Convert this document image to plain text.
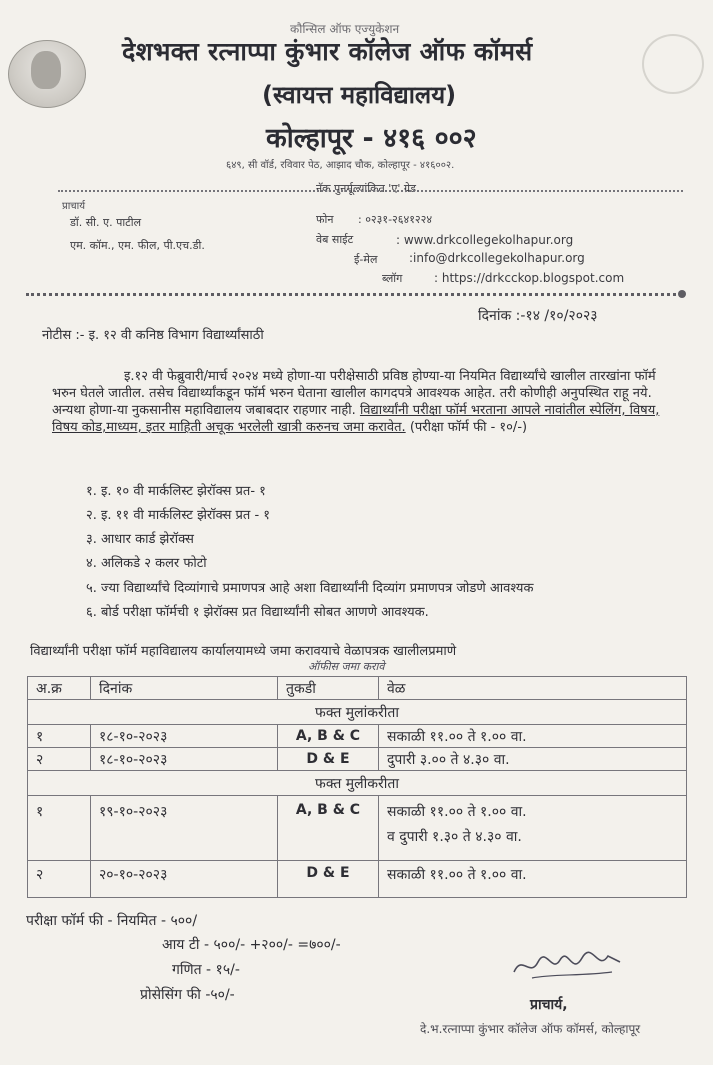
कौन्सिल ऑफ एज्युकेशन
देशभक्त रत्नाप्पा कुंभार कॉलेज ऑफ कॉमर्स
(स्वायत्त महाविद्यालय)
कोल्हापूर - ४१६ ००२
६४९, सी वॉर्ड, रविवार पेठ, आझाद चौक, कोल्हापूर - ४१६००२.
नॅक पुनर्मूल्यांकित 'ए' ग्रेड
प्राचार्य
डॉ. सी. ए. पाटील
एम. कॉम., एम. फील, पी.एच.डी.
फोन : ०२३१-२६४१२२४
वेब साईट	: www.drkcollegekolhapur.org
ई-मेल	:info@drkcollegekolhapur.org
ब्लॉग	: https://drkcckop.blogspot.com
दिनांक :-१४ /१०/२०२३
नोटीस :- इ. १२ वी कनिष्ठ विभाग विद्यार्थ्यांसाठी
इ.१२ वी फेब्रुवारी/मार्च २०२४ मध्ये होणा-या परीक्षेसाठी प्रविष्ठ होण्या-या नियमित विद्यार्थ्यांचे खालील तारखांना फॉर्म भरुन घेतले जातील. तसेच विद्यार्थ्यांकडून फॉर्म भरुन घेताना खालील कागदपत्रे आवश्यक आहेत. तरी कोणीही अनुपस्थित राहू नये. अन्यथा होणा-या नुकसानीस महाविद्यालय जबाबदार राहणार नाही. विद्यार्थ्यांनी परीक्षा फॉर्म भरताना आपले नावांतील स्पेलिंग, विषय, विषय कोड,माध्यम, इतर माहिती अचूक भरलेली खात्री करुनच जमा करावेत. (परीक्षा फॉर्म फी - १०/-)
१. इ. १० वी मार्कलिस्ट झेरॉक्स प्रत- १
२. इ. ११ वी मार्कलिस्ट झेरॉक्स प्रत - १
३. आधार कार्ड झेरॉक्स
४. अलिकडे २ कलर फोटो
५. ज्या विद्यार्थ्यांचे दिव्यांगाचे प्रमाणपत्र आहे अशा विद्यार्थ्यांनी दिव्यांग प्रमाणपत्र जोडणे आवश्यक
६. बोर्ड परीक्षा फॉर्मची १ झेरॉक्स प्रत विद्यार्थ्यांनी सोबत आणणे आवश्यक.
विद्यार्थ्यांनी परीक्षा फॉर्म महाविद्यालय कार्यालयामध्ये जमा करावयाचे वेळापत्रक खालीलप्रमाणे
ऑफीस जमा करावे
अ.क्र	दिनांक	तुकडी	वेळ
फक्त मुलांकरीता			
१	१८-१०-२०२३	A, B & C	सकाळी ११.०० ते १.०० वा.
२	१८-१०-२०२३	D & E	दुपारी ३.०० ते ४.३० वा.
फक्त मुलीकरीता			
१	१९-१०-२०२३	A, B & C	सकाळी ११.०० ते १.०० वा.
व दुपारी १.३० ते ४.३० वा.

२	२०-१०-२०२३	D & E	सकाळी ११.०० ते १.०० वा.
परीक्षा फॉर्म फी - नियमित - ५००/
आय टी - ५००/- +२००/- =७००/-
गणित - १५/-
प्रोसेसिंग फी -५०/-
प्राचार्य,
दे.भ.रत्नाप्पा कुंभार कॉलेज ऑफ कॉमर्स, कोल्हापूर
